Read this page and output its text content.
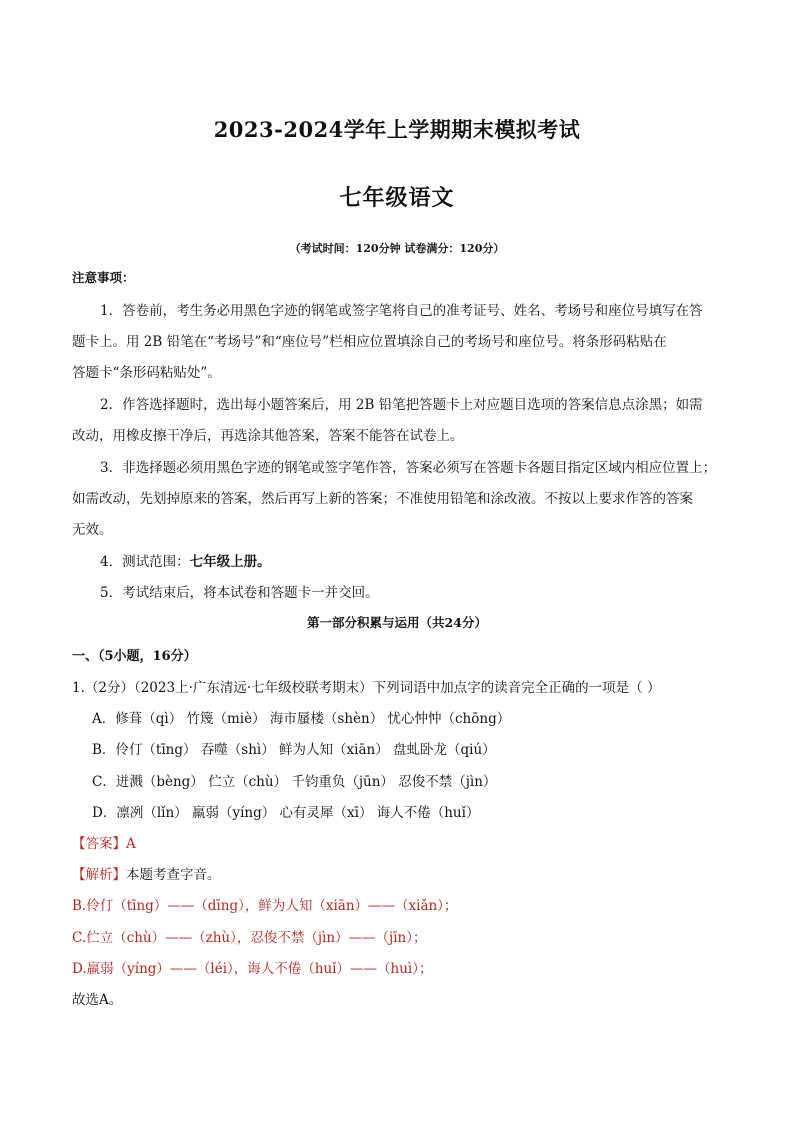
2023-2024学年上学期期末模拟考试
七年级语文
（考试时间：120分钟 试卷满分：120分）
注意事项：
1．答卷前，考生务必用黑色字迹的钢笔或签字笔将自己的准考证号、姓名、考场号和座位号填写在答
题卡上。用 2B 铅笔在“考场号”和“座位号”栏相应位置填涂自己的考场号和座位号。将条形码粘贴在
答题卡“条形码粘贴处”。
2．作答选择题时，选出每小题答案后，用 2B 铅笔把答题卡上对应题目选项的答案信息点涂黑；如需
改动，用橡皮擦干净后，再选涂其他答案，答案不能答在试卷上。
3．非选择题必须用黑色字迹的钢笔或签字笔作答，答案必须写在答题卡各题目指定区域内相应位置上；
如需改动，先划掉原来的答案，然后再写上新的答案；不准使用铅笔和涂改液。不按以上要求作答的答案
无效。
4．测试范围：七年级上册。
5．考试结束后，将本试卷和答题卡一并交回。
第一部分积累与运用（共24分）
一、（5小题，16分）
1.（2分）（2023上·广东清远·七年级校联考期末）下列词语中加点字的读音完全正确的一项是（ ）
A．修葺（qì） 竹篾（miè） 海市蜃楼（shèn） 忧心忡忡（chōng）
B．伶仃（tīng） 吞噬（shì） 鲜为人知（xiān） 盘虬卧龙（qiú）
C．迸溅（bèng） 伫立（chù） 千钧重负（jūn） 忍俊不禁（jìn）
D．凛冽（lǐn） 羸弱（yíng） 心有灵犀（xī） 诲人不倦（huǐ）
【答案】A
【解析】本题考查字音。
B.伶仃（tīng）——（dīng），鲜为人知（xiān）——（xiǎn）；
C.伫立（chù）——（zhù），忍俊不禁（jìn）——（jīn）；
D.羸弱（yíng）——（léi），诲人不倦（huǐ）——（huì）；
故选A。
